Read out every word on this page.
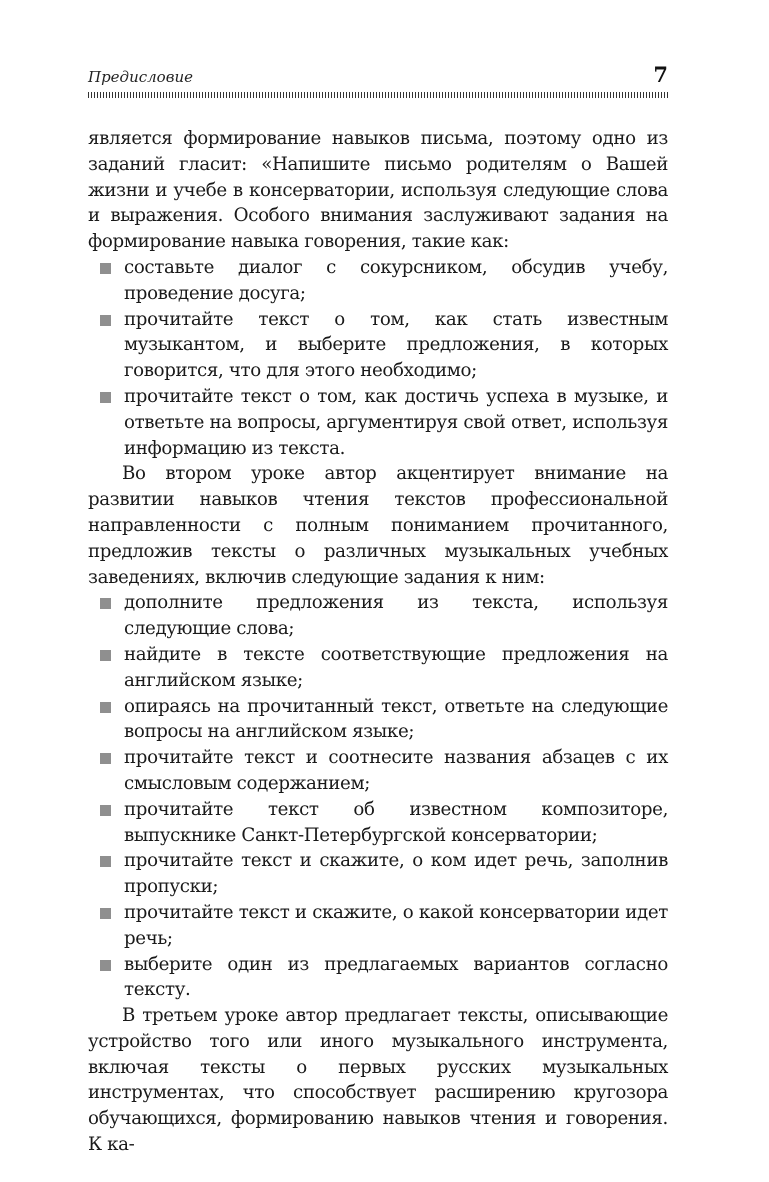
Предисловие	7

является формирование навыков письма, поэтому одно из заданий гласит: «Напишите письмо родителям о Вашей жизни и учебе в консерватории, используя следующие слова и выражения. Особого внимания заслуживают задания на формирование навыка говорения, такие как:

составьте диалог с сокурсником, обсудив учебу, проведение досуга;
прочитайте текст о том, как стать известным музыкантом, и выберите предложения, в которых говорится, что для этого необходимо;
прочитайте текст о том, как достичь успеха в музыке, и ответьте на вопросы, аргументируя свой ответ, используя информацию из текста.

Во втором уроке автор акцентирует внимание на развитии навыков чтения текстов профессиональной направленности с полным пониманием прочитанного, предложив тексты о различных музыкальных учебных заведениях, включив следующие задания к ним:

дополните предложения из текста, используя следующие слова;
найдите в тексте соответствующие предложения на английском языке;
опираясь на прочитанный текст, ответьте на следующие вопросы на английском языке;
прочитайте текст и соотнесите названия абзацев с их смысловым содержанием;
прочитайте текст об известном композиторе, выпускнике Санкт-Петербургской консерватории;
прочитайте текст и скажите, о ком идет речь, заполнив пропуски;
прочитайте текст и скажите, о какой консерватории идет речь;
выберите один из предлагаемых вариантов согласно тексту.

В третьем уроке автор предлагает тексты, описывающие устройство того или иного музыкального инструмента, включая тексты о первых русских музыкальных инструментах, что способствует расширению кругозора обучающихся, формированию навыков чтения и говорения. К ка-
